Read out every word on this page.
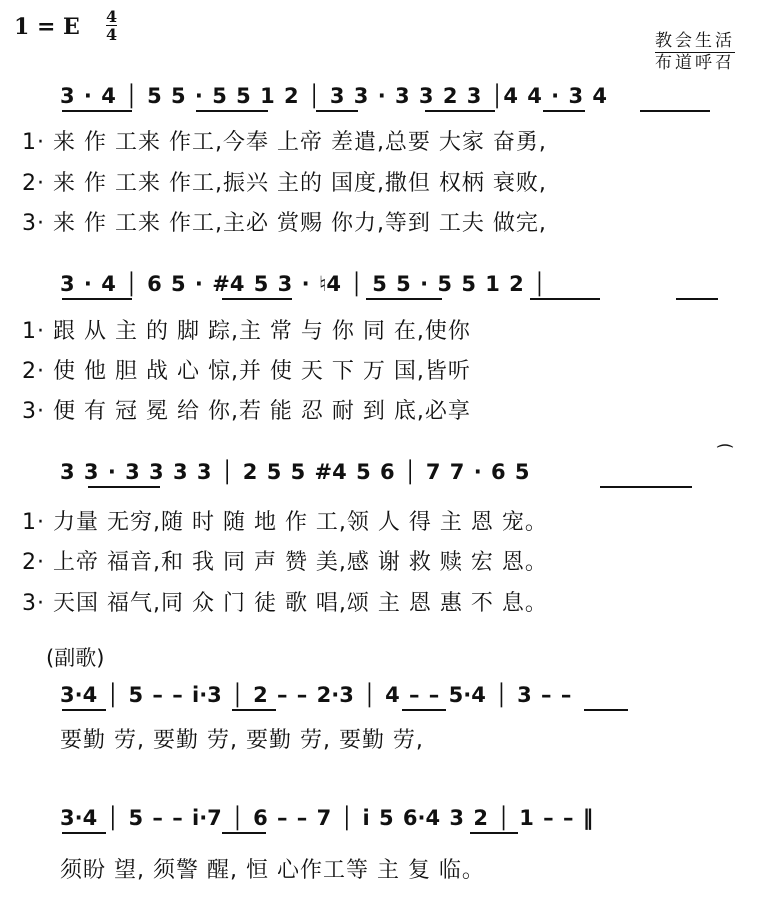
1 = E 4
4	教会生活
布道呼召
3 · 4 │ 5 5 · 5 5 1 2 │ 3 3 · 3 3 2 3 │4 4 · 3 4
1· 来 作 工来 作工,今奉 上帝 差遣,总要 大家 奋勇,
2· 来 作 工来 作工,振兴 主的 国度,撒但 权柄 衰败,
3· 来 作 工来 作工,主必 赏赐 你力,等到 工夫 做完,
3 · 4 │ 6 5 · #4 5 3 · ♮4 │ 5 5 · 5 5 1 2 │
1· 跟 从 主 的 脚 踪,主 常 与 你 同 在,使你
2· 使 他 胆 战 心 惊,并 使 天 下 万 国,皆听
3· 便 有 冠 冕 给 你,若 能 忍 耐 到 底,必享
3 3 · 3 3 3 3 │ 2 5 5 #4 5 6 │ 7 7 · 6 5
⌒
1· 力量 无穷,随 时 随 地 作 工,领 人 得 主 恩 宠。
2· 上帝 福音,和 我 同 声 赞 美,感 谢 救 赎 宏 恩。
3· 天国 福气,同 众 门 徒 歌 唱,颂 主 恩 惠 不 息。
(副歌)
3·4 │ 5 – – i·3 │ 2 – – 2·3 │ 4 – – 5·4 │ 3 – –
要勤 劳, 要勤 劳, 要勤 劳, 要勤 劳,
3·4 │ 5 – – i·7 │ 6 – – 7 │ i 5 6·4 3 2 │ 1 – – ‖
须盼 望, 须警 醒, 恒 心作工等 主 复 临。
